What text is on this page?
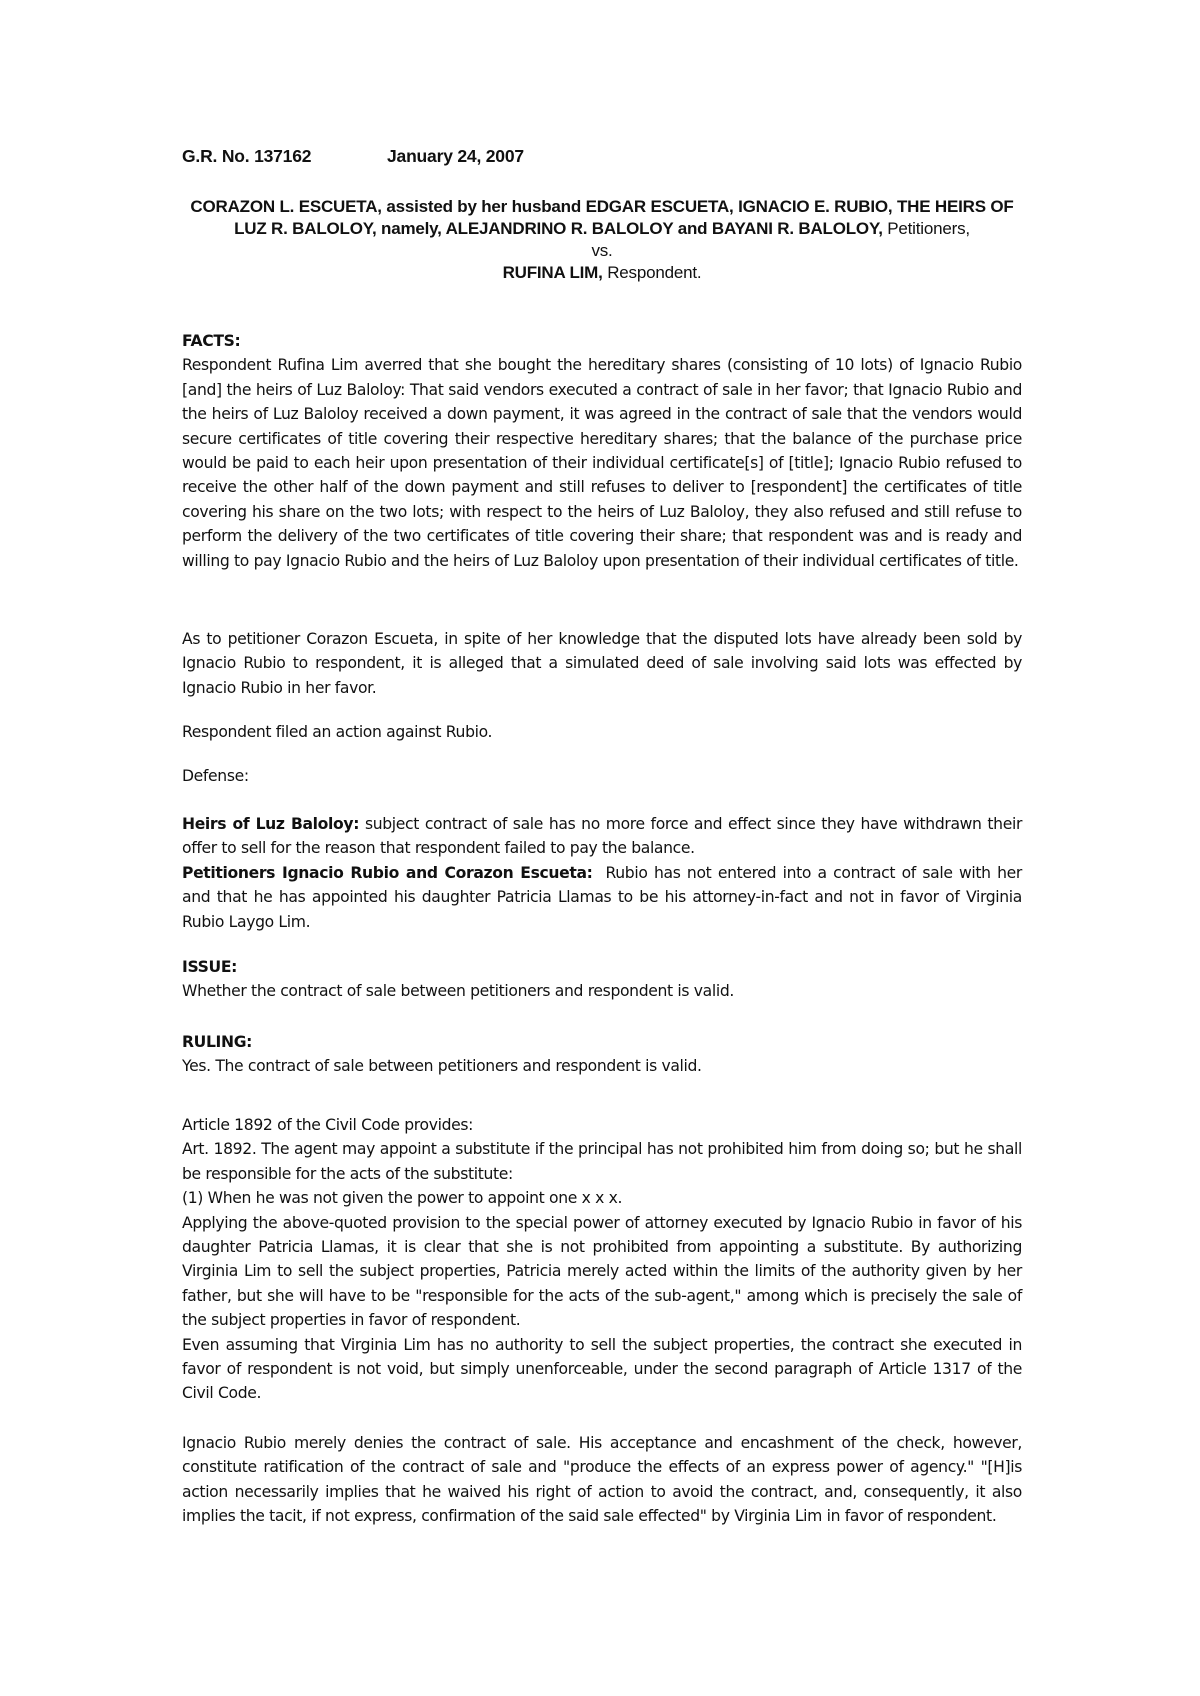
G.R. No. 137162	January 24, 2007
CORAZON L. ESCUETA, assisted by her husband EDGAR ESCUETA, IGNACIO E. RUBIO, THE HEIRS OF LUZ R. BALOLOY, namely, ALEJANDRINO R. BALOLOY and BAYANI R. BALOLOY, Petitioners,
vs.
RUFINA LIM, Respondent.

FACTS:

Respondent Rufina Lim averred that she bought the hereditary shares (consisting of 10 lots) of Ignacio Rubio [and] the heirs of Luz Baloloy: That said vendors executed a contract of sale in her favor; that Ignacio Rubio and the heirs of Luz Baloloy received a down payment, it was agreed in the contract of sale that the vendors would secure certificates of title covering their respective hereditary shares; that the balance of the purchase price would be paid to each heir upon presentation of their individual certificate[s] of [title]; Ignacio Rubio refused to receive the other half of the down payment and still refuses to deliver to [respondent] the certificates of title covering his share on the two lots; with respect to the heirs of Luz Baloloy, they also refused and still refuse to perform the delivery of the two certificates of title covering their share; that respondent was and is ready and willing to pay Ignacio Rubio and the heirs of Luz Baloloy upon presentation of their individual certificates of title.

As to petitioner Corazon Escueta, in spite of her knowledge that the disputed lots have already been sold by Ignacio Rubio to respondent, it is alleged that a simulated deed of sale involving said lots was effected by Ignacio Rubio in her favor.

Respondent filed an action against Rubio.

Defense:

Heirs of Luz Baloloy: subject contract of sale has no more force and effect since they have withdrawn their offer to sell for the reason that respondent failed to pay the balance.

Petitioners Ignacio Rubio and Corazon Escueta: Rubio has not entered into a contract of sale with her and that he has appointed his daughter Patricia Llamas to be his attorney-in-fact and not in favor of Virginia Rubio Laygo Lim.

ISSUE:

Whether the contract of sale between petitioners and respondent is valid.

RULING:

Yes. The contract of sale between petitioners and respondent is valid.

Article 1892 of the Civil Code provides:

Art. 1892. The agent may appoint a substitute if the principal has not prohibited him from doing so; but he shall be responsible for the acts of the substitute:

(1) When he was not given the power to appoint one x x x.

Applying the above-quoted provision to the special power of attorney executed by Ignacio Rubio in favor of his daughter Patricia Llamas, it is clear that she is not prohibited from appointing a substitute. By authorizing Virginia Lim to sell the subject properties, Patricia merely acted within the limits of the authority given by her father, but she will have to be "responsible for the acts of the sub-agent," among which is precisely the sale of the subject properties in favor of respondent.

Even assuming that Virginia Lim has no authority to sell the subject properties, the contract she executed in favor of respondent is not void, but simply unenforceable, under the second paragraph of Article 1317 of the Civil Code.

Ignacio Rubio merely denies the contract of sale. His acceptance and encashment of the check, however, constitute ratification of the contract of sale and "produce the effects of an express power of agency." "[H]is action necessarily implies that he waived his right of action to avoid the contract, and, consequently, it also implies the tacit, if not express, confirmation of the said sale effected" by Virginia Lim in favor of respondent.
